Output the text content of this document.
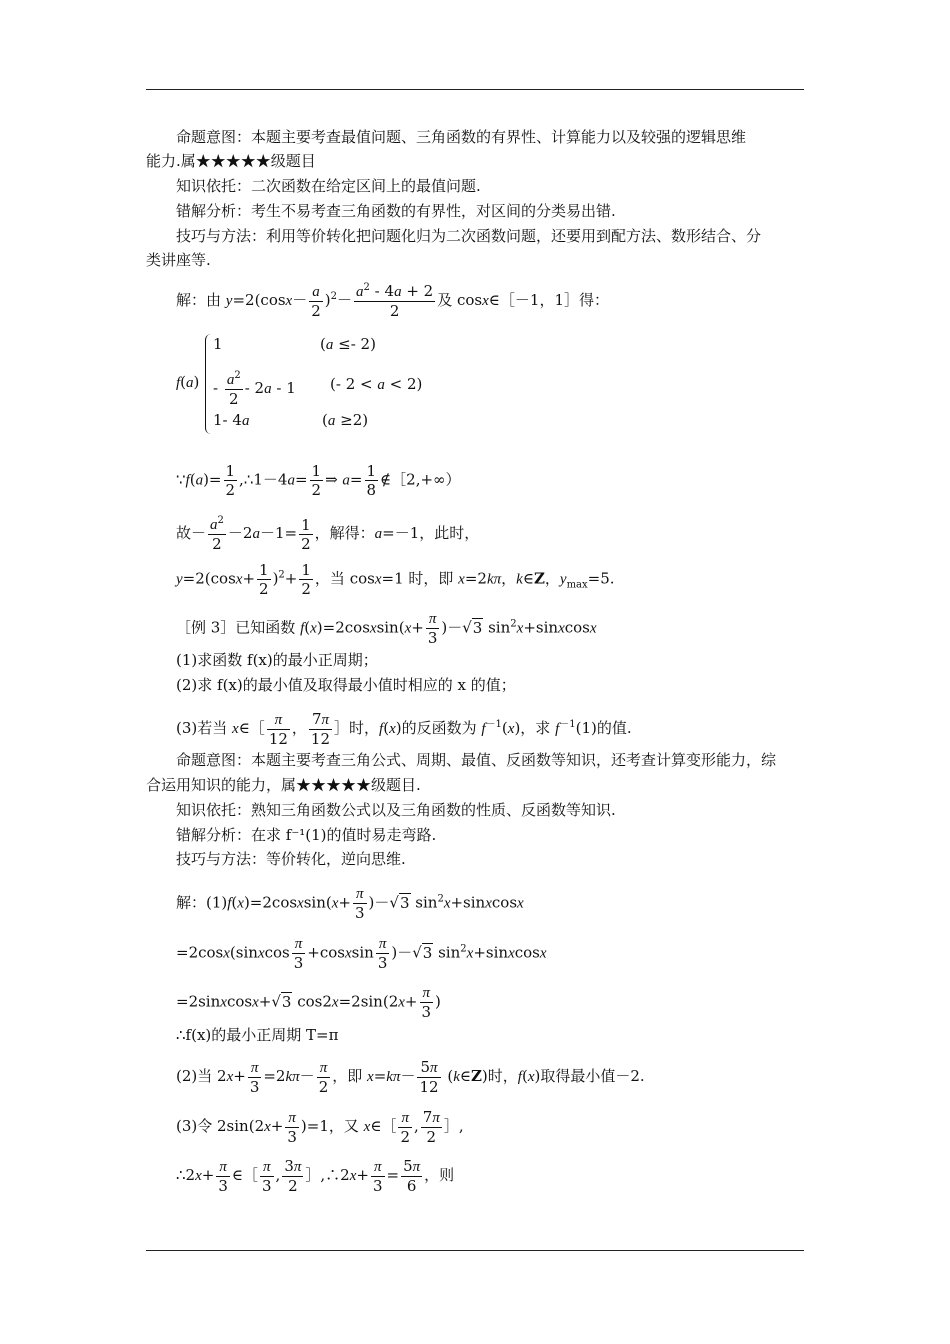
命题意图：本题主要考查最值问题、三角函数的有界性、计算能力以及较强的逻辑思维
能力.属★★★★★级题目
知识依托：二次函数在给定区间上的最值问题.
错解分析：考生不易考查三角函数的有界性，对区间的分类易出错.
技巧与方法：利用等价转化把问题化归为二次函数问题，还要用到配方法、数形结合、分
类讲座等.
解：由 $y=2(\cos x- \frac{a}{2} )^2- \frac{a^2 - 4a + 2}{2}$ 及 cosx∈［－1，1］得：
f(a)
1	(a ≤- 2)
- $\frac{a^2}{2} - 2a - 1$ (- 2 < a < 2)
1- 4a	(a ≥2)
∵f(a)= $\frac{1}{2}$ ,∴1－4a= $\frac{1}{2}$ ⇒ $a= \frac{1}{8}$ ∉［2,+∞）
故－ $\frac{a^2}{2} -2a-1= \frac{1}{2}$ ，解得：a=－1，此时，
$y=2(\cos x+ \frac{1}{2} )^2+ \frac{1}{2}$ ，当 cosx=1 时，即 x=2kπ，k∈Z，$y_{max}=5$.
［例 3］已知函数 f(x)=2cosxsin(x+ $\frac{\pi}{3} )-√3$ $\sin^2x+sinxcosx$
(1)求函数 f(x)的最小正周期；
(2)求 f(x)的最小值及取得最小值时相应的 x 的值；
(3)若当 x∈［ $\frac{\pi}{12}$ ， $\frac{7\pi}{12}$ ］时，f(x)的反函数为 $f^{-1}(x)$，求 $f^{-1}(1)$的值.
命题意图：本题主要考查三角公式、周期、最值、反函数等知识，还考查计算变形能力，综
合运用知识的能力，属★★★★★级题目.
知识依托：熟知三角函数公式以及三角函数的性质、反函数等知识.
错解分析：在求 f⁻¹(1)的值时易走弯路.
技巧与方法：等价转化，逆向思维.
解：(1)f(x)=2cosxsin(x+ $\frac{\pi}{3} )-√3$ $\sin^2x+sinxcosx$
=2cosx(sinxcos $\frac{\pi}{3}$ +cosxsin $\frac{\pi}{3} )-√3$ $\sin^2x+sinxcosx$
=2sinxcosx+√3 $\cos 2x=2\sin(2x+ \frac{\pi}{3}$ )
∴f(x)的最小正周期 T=π
(2)当 $2x+ \frac{\pi}{3} =2k\pi- \frac{\pi}{2}$ ，即 $x=k\pi- \frac{5\pi}{12}$ (k∈Z)时，f(x)取得最小值－2.
(3)令 $2\sin(2x+ \frac{\pi}{3} )=1$，又 x∈［ $\frac{\pi}{2}$ , $\frac{7\pi}{2}$ ］,
∴2x+ $\frac{\pi}{3}$ ∈［ $\frac{\pi}{3}$ , $\frac{3\pi}{2}$ ］,∴2x+ $\frac{\pi}{3} = \frac{5\pi}{6}$ ，则
